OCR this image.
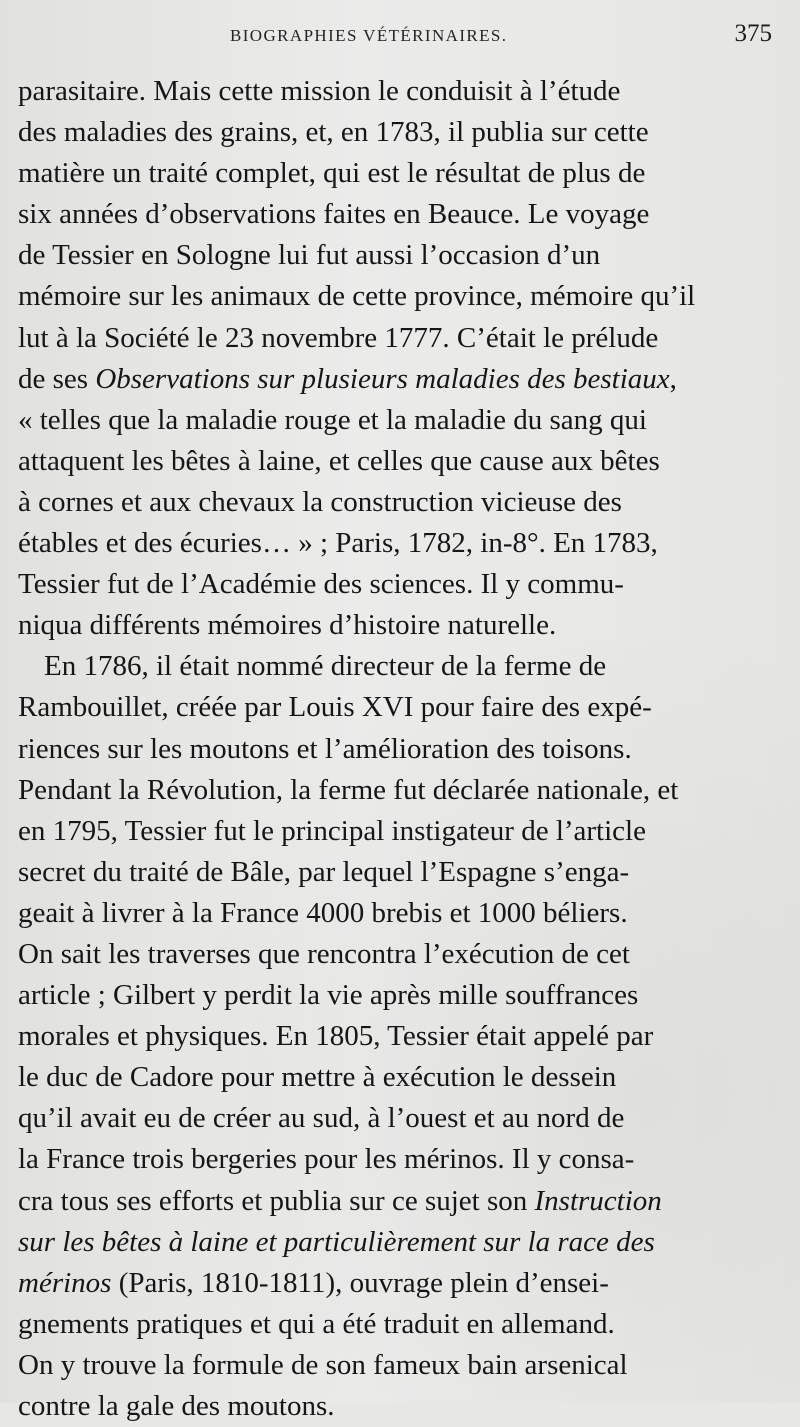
BIOGRAPHIES VÉTÉRINAIRES.	375
parasitaire. Mais cette mission le conduisit à l’étude
des maladies des grains, et, en 1783, il publia sur cette
matière un traité complet, qui est le résultat de plus de
six années d’observations faites en Beauce. Le voyage
de Tessier en Sologne lui fut aussi l’occasion d’un
mémoire sur les animaux de cette province, mémoire qu’il
lut à la Société le 23 novembre 1777. C’était le prélude
de ses Observations sur plusieurs maladies des bestiaux,
« telles que la maladie rouge et la maladie du sang qui
attaquent les bêtes à laine, et celles que cause aux bêtes
à cornes et aux chevaux la construction vicieuse des
étables et des écuries… » ; Paris, 1782, in-8°. En 1783,
Tessier fut de l’Académie des sciences. Il y commu-
niqua différents mémoires d’histoire naturelle.
En 1786, il était nommé directeur de la ferme de
Rambouillet, créée par Louis XVI pour faire des expé-
riences sur les moutons et l’amélioration des toisons.
Pendant la Révolution, la ferme fut déclarée nationale, et
en 1795, Tessier fut le principal instigateur de l’article
secret du traité de Bâle, par lequel l’Espagne s’enga-
geait à livrer à la France 4000 brebis et 1000 béliers.
On sait les traverses que rencontra l’exécution de cet
article ; Gilbert y perdit la vie après mille souffrances
morales et physiques. En 1805, Tessier était appelé par
le duc de Cadore pour mettre à exécution le dessein
qu’il avait eu de créer au sud, à l’ouest et au nord de
la France trois bergeries pour les mérinos. Il y consa-
cra tous ses efforts et publia sur ce sujet son Instruction
sur les bêtes à laine et particulièrement sur la race des
mérinos (Paris, 1810-1811), ouvrage plein d’ensei-
gnements pratiques et qui a été traduit en allemand.
On y trouve la formule de son fameux bain arsenical
contre la gale des moutons.
